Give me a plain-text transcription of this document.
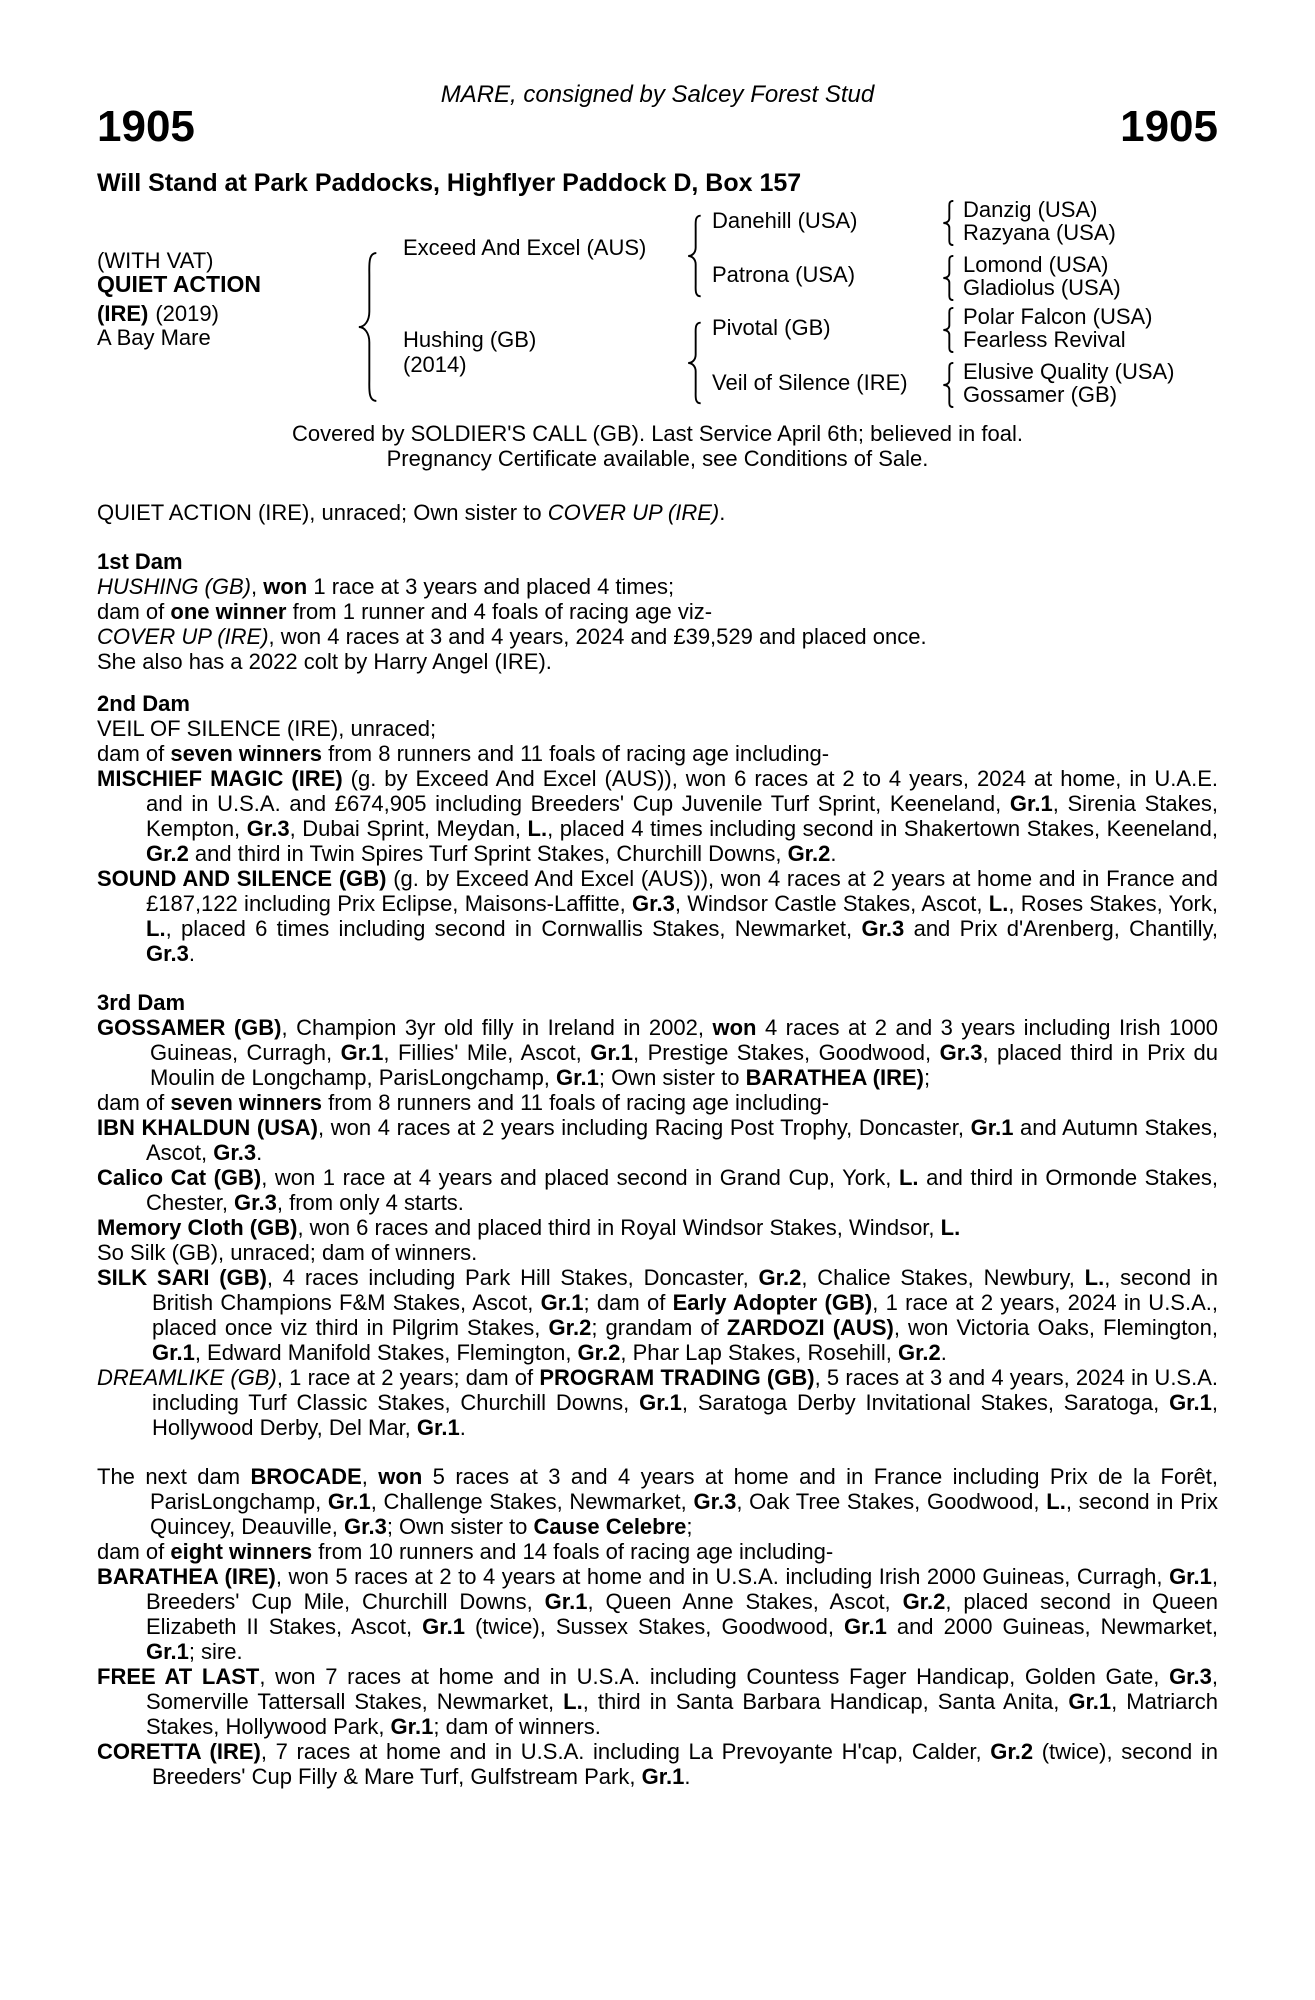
MARE, consigned by Salcey Forest Stud
1905	1905
Will Stand at Park Paddocks, Highflyer Paddock D, Box 157
(WITH VAT)
QUIET ACTION
(IRE) (2019)
A Bay Mare
Exceed And Excel (AUS)
Hushing (GB)
(2014)
Danehill (USA)
Patrona (USA)
Pivotal (GB)
Veil of Silence (IRE)
Danzig (USA)
Razyana (USA)
Lomond (USA)
Gladiolus (USA)
Polar Falcon (USA)
Fearless Revival
Elusive Quality (USA)
Gossamer (GB)
Covered by SOLDIER'S CALL (GB). Last Service April 6th; believed in foal.
Pregnancy Certificate available, see Conditions of Sale.

QUIET ACTION (IRE), unraced; Own sister to COVER UP (IRE).

1st Dam

HUSHING (GB), won 1 race at 3 years and placed 4 times;

dam of one winner from 1 runner and 4 foals of racing age viz-

COVER UP (IRE), won 4 races at 3 and 4 years, 2024 and £39,529 and placed once.

She also has a 2022 colt by Harry Angel (IRE).

2nd Dam

VEIL OF SILENCE (IRE), unraced;

dam of seven winners from 8 runners and 11 foals of racing age including-

MISCHIEF MAGIC (IRE) (g. by Exceed And Excel (AUS)), won 6 races at 2 to 4 years, 2024 at home, in U.A.E. and in U.S.A. and £674,905 including Breeders' Cup Juvenile Turf Sprint, Keeneland, Gr.1, Sirenia Stakes, Kempton, Gr.3, Dubai Sprint, Meydan, L., placed 4 times including second in Shakertown Stakes, Keeneland, Gr.2 and third in Twin Spires Turf Sprint Stakes, Churchill Downs, Gr.2.

SOUND AND SILENCE (GB) (g. by Exceed And Excel (AUS)), won 4 races at 2 years at home and in France and £187,122 including Prix Eclipse, Maisons-Laffitte, Gr.3, Windsor Castle Stakes, Ascot, L., Roses Stakes, York, L., placed 6 times including second in Cornwallis Stakes, Newmarket, Gr.3 and Prix d'Arenberg, Chantilly, Gr.3.

3rd Dam

GOSSAMER (GB), Champion 3yr old filly in Ireland in 2002, won 4 races at 2 and 3 years including Irish 1000 Guineas, Curragh, Gr.1, Fillies' Mile, Ascot, Gr.1, Prestige Stakes, Goodwood, Gr.3, placed third in Prix du Moulin de Longchamp, ParisLongchamp, Gr.1; Own sister to BARATHEA (IRE);

dam of seven winners from 8 runners and 11 foals of racing age including-

IBN KHALDUN (USA), won 4 races at 2 years including Racing Post Trophy, Doncaster, Gr.1 and Autumn Stakes, Ascot, Gr.3.

Calico Cat (GB), won 1 race at 4 years and placed second in Grand Cup, York, L. and third in Ormonde Stakes, Chester, Gr.3, from only 4 starts.

Memory Cloth (GB), won 6 races and placed third in Royal Windsor Stakes, Windsor, L.

So Silk (GB), unraced; dam of winners.

SILK SARI (GB), 4 races including Park Hill Stakes, Doncaster, Gr.2, Chalice Stakes, Newbury, L., second in British Champions F&M Stakes, Ascot, Gr.1; dam of Early Adopter (GB), 1 race at 2 years, 2024 in U.S.A., placed once viz third in Pilgrim Stakes, Gr.2; grandam of ZARDOZI (AUS), won Victoria Oaks, Flemington, Gr.1, Edward Manifold Stakes, Flemington, Gr.2, Phar Lap Stakes, Rosehill, Gr.2.

DREAMLIKE (GB), 1 race at 2 years; dam of PROGRAM TRADING (GB), 5 races at 3 and 4 years, 2024 in U.S.A. including Turf Classic Stakes, Churchill Downs, Gr.1, Saratoga Derby Invitational Stakes, Saratoga, Gr.1, Hollywood Derby, Del Mar, Gr.1.

The next dam BROCADE, won 5 races at 3 and 4 years at home and in France including Prix de la Forêt, ParisLongchamp, Gr.1, Challenge Stakes, Newmarket, Gr.3, Oak Tree Stakes, Goodwood, L., second in Prix Quincey, Deauville, Gr.3; Own sister to Cause Celebre;

dam of eight winners from 10 runners and 14 foals of racing age including-

BARATHEA (IRE), won 5 races at 2 to 4 years at home and in U.S.A. including Irish 2000 Guineas, Curragh, Gr.1, Breeders' Cup Mile, Churchill Downs, Gr.1, Queen Anne Stakes, Ascot, Gr.2, placed second in Queen Elizabeth II Stakes, Ascot, Gr.1 (twice), Sussex Stakes, Goodwood, Gr.1 and 2000 Guineas, Newmarket, Gr.1; sire.

FREE AT LAST, won 7 races at home and in U.S.A. including Countess Fager Handicap, Golden Gate, Gr.3, Somerville Tattersall Stakes, Newmarket, L., third in Santa Barbara Handicap, Santa Anita, Gr.1, Matriarch Stakes, Hollywood Park, Gr.1; dam of winners.

CORETTA (IRE), 7 races at home and in U.S.A. including La Prevoyante H'cap, Calder, Gr.2 (twice), second in Breeders' Cup Filly & Mare Turf, Gulfstream Park, Gr.1.
